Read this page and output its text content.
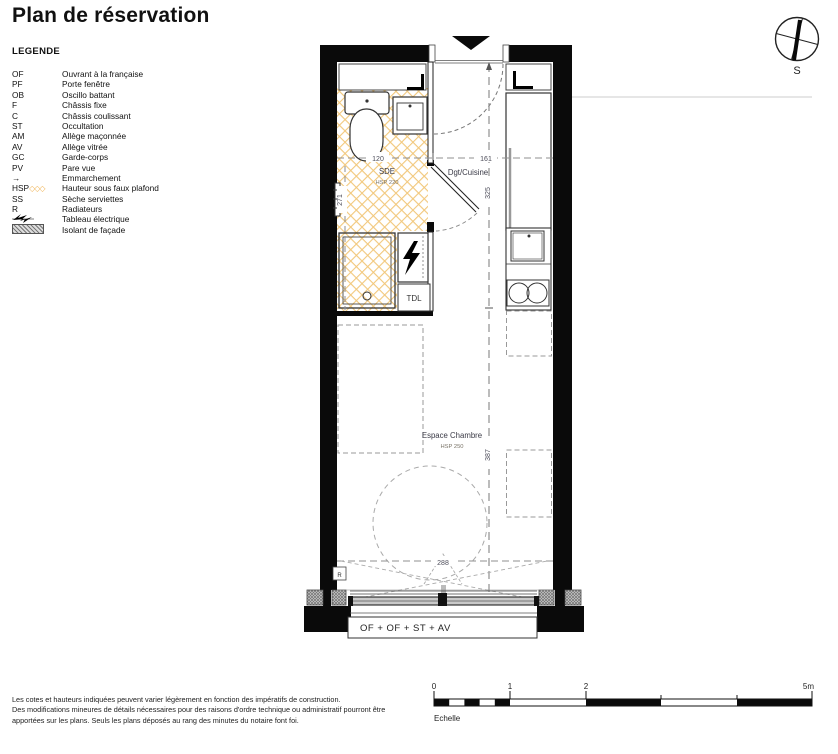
TDL
OF + OF + ST + AV
R
SDE
HSP 220
Dgt/Cuisine
Espace Chambre
HSP 250
120	161
325
271
387
288
S
0	1	2	5m
Echelle
Plan de réservation
LEGENDE
OF	Ouvrant à la française
PF	Porte fenêtre
OB	Oscillo battant
F	Châssis fixe
C	Châssis coulissant
ST	Occultation
AM	Allège maçonnée
AV	Allège vitrée
GC	Garde-corps
PV	Pare vue
→	Emmarchement
HSP◇◇◇	Hauteur sous faux plafond
SS	Sèche serviettes
R	Radiateurs
Tableau électrique
Isolant de façade
Les cotes et hauteurs indiquées peuvent varier légèrement en fonction des impératifs de construction.
Des modifications mineures de détails nécessaires pour des raisons d'ordre technique ou administratif pourront être
apportées sur les plans. Seuls les plans déposés au rang des minutes du notaire font foi.
